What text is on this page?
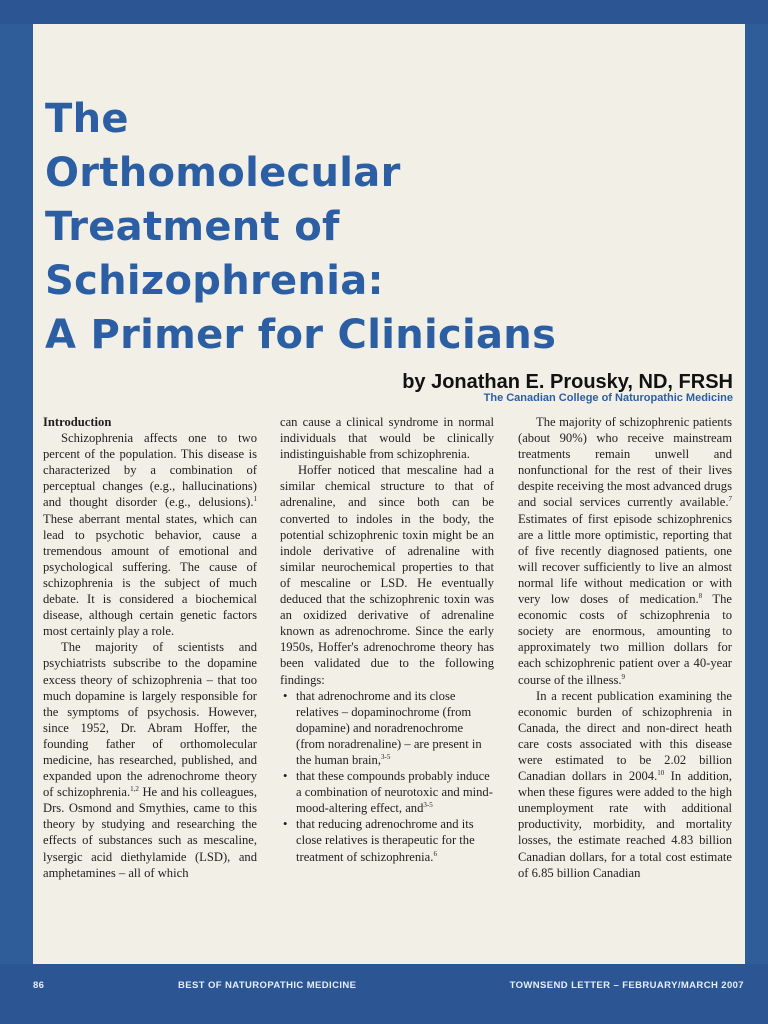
The
Orthomolecular
Treatment of
Schizophrenia:
A Primer for Clinicians
by Jonathan E. Prousky, ND, FRSH
The Canadian College of Naturopathic Medicine
Introduction

Schizophrenia affects one to two percent of the population. This disease is characterized by a combination of perceptual changes (e.g., hallucinations) and thought disorder (e.g., delusions).$^1$ These aberrant mental states, which can lead to psychotic behavior, cause a tremendous amount of emotional and psychological suffering. The cause of schizophrenia is the subject of much debate. It is considered a biochemical disease, although certain genetic factors most certainly play a role.

The majority of scientists and psychiatrists subscribe to the dopamine excess theory of schizophrenia – that too much dopamine is largely responsible for the symptoms of psychosis. However, since 1952, Dr. Abram Hoffer, the founding father of orthomolecular medicine, has researched, published, and expanded upon the adrenochrome theory of schizophrenia.$^{1,2}$ He and his colleagues, Drs. Osmond and Smythies, came to this theory by studying and researching the effects of substances such as mescaline, lysergic acid diethylamide (LSD), and amphetamines – all of which

can cause a clinical syndrome in normal individuals that would be clinically indistinguishable from schizophrenia.

Hoffer noticed that mescaline had a similar chemical structure to that of adrenaline, and since both can be converted to indoles in the body, the potential schizophrenic toxin might be an indole derivative of adrenaline with similar neurochemical properties to that of mescaline or LSD. He eventually deduced that the schizophrenic toxin was an oxidized derivative of adrenaline known as adrenochrome. Since the early 1950s, Hoffer's adrenochrome theory has been validated due to the following findings:

• that adrenochrome and its close relatives – dopaminochrome (from dopamine) and noradrenochrome (from noradrenaline) – are present in the human brain,$^{3-5}$
• that these compounds probably induce a combination of neurotoxic and mind-mood-altering effect, and$^{3-5}$
• that reducing adrenochrome and its close relatives is therapeutic for the treatment of schizophrenia.$^6$

The majority of schizophrenic patients (about 90%) who receive mainstream treatments remain unwell and nonfunctional for the rest of their lives despite receiving the most advanced drugs and social services currently available.$^7$ Estimates of first episode schizophrenics are a little more optimistic, reporting that of five recently diagnosed patients, one will recover sufficiently to live an almost normal life without medication or with very low doses of medication.$^8$ The economic costs of schizophrenia to society are enormous, amounting to approximately two million dollars for each schizophrenic patient over a 40-year course of the illness.$^9$

In a recent publication examining the economic burden of schizophrenia in Canada, the direct and non-direct heath care costs associated with this disease were estimated to be 2.02 billion Canadian dollars in 2004.10 In addition, when these figures were added to the high unemployment rate with additional productivity, morbidity, and mortality losses, the estimate reached 4.83 billion Canadian dollars, for a total cost estimate of 6.85 billion Canadian

86	BEST OF NATUROPATHIC MEDICINE	TOWNSEND LETTER – FEBRUARY/MARCH 2007
